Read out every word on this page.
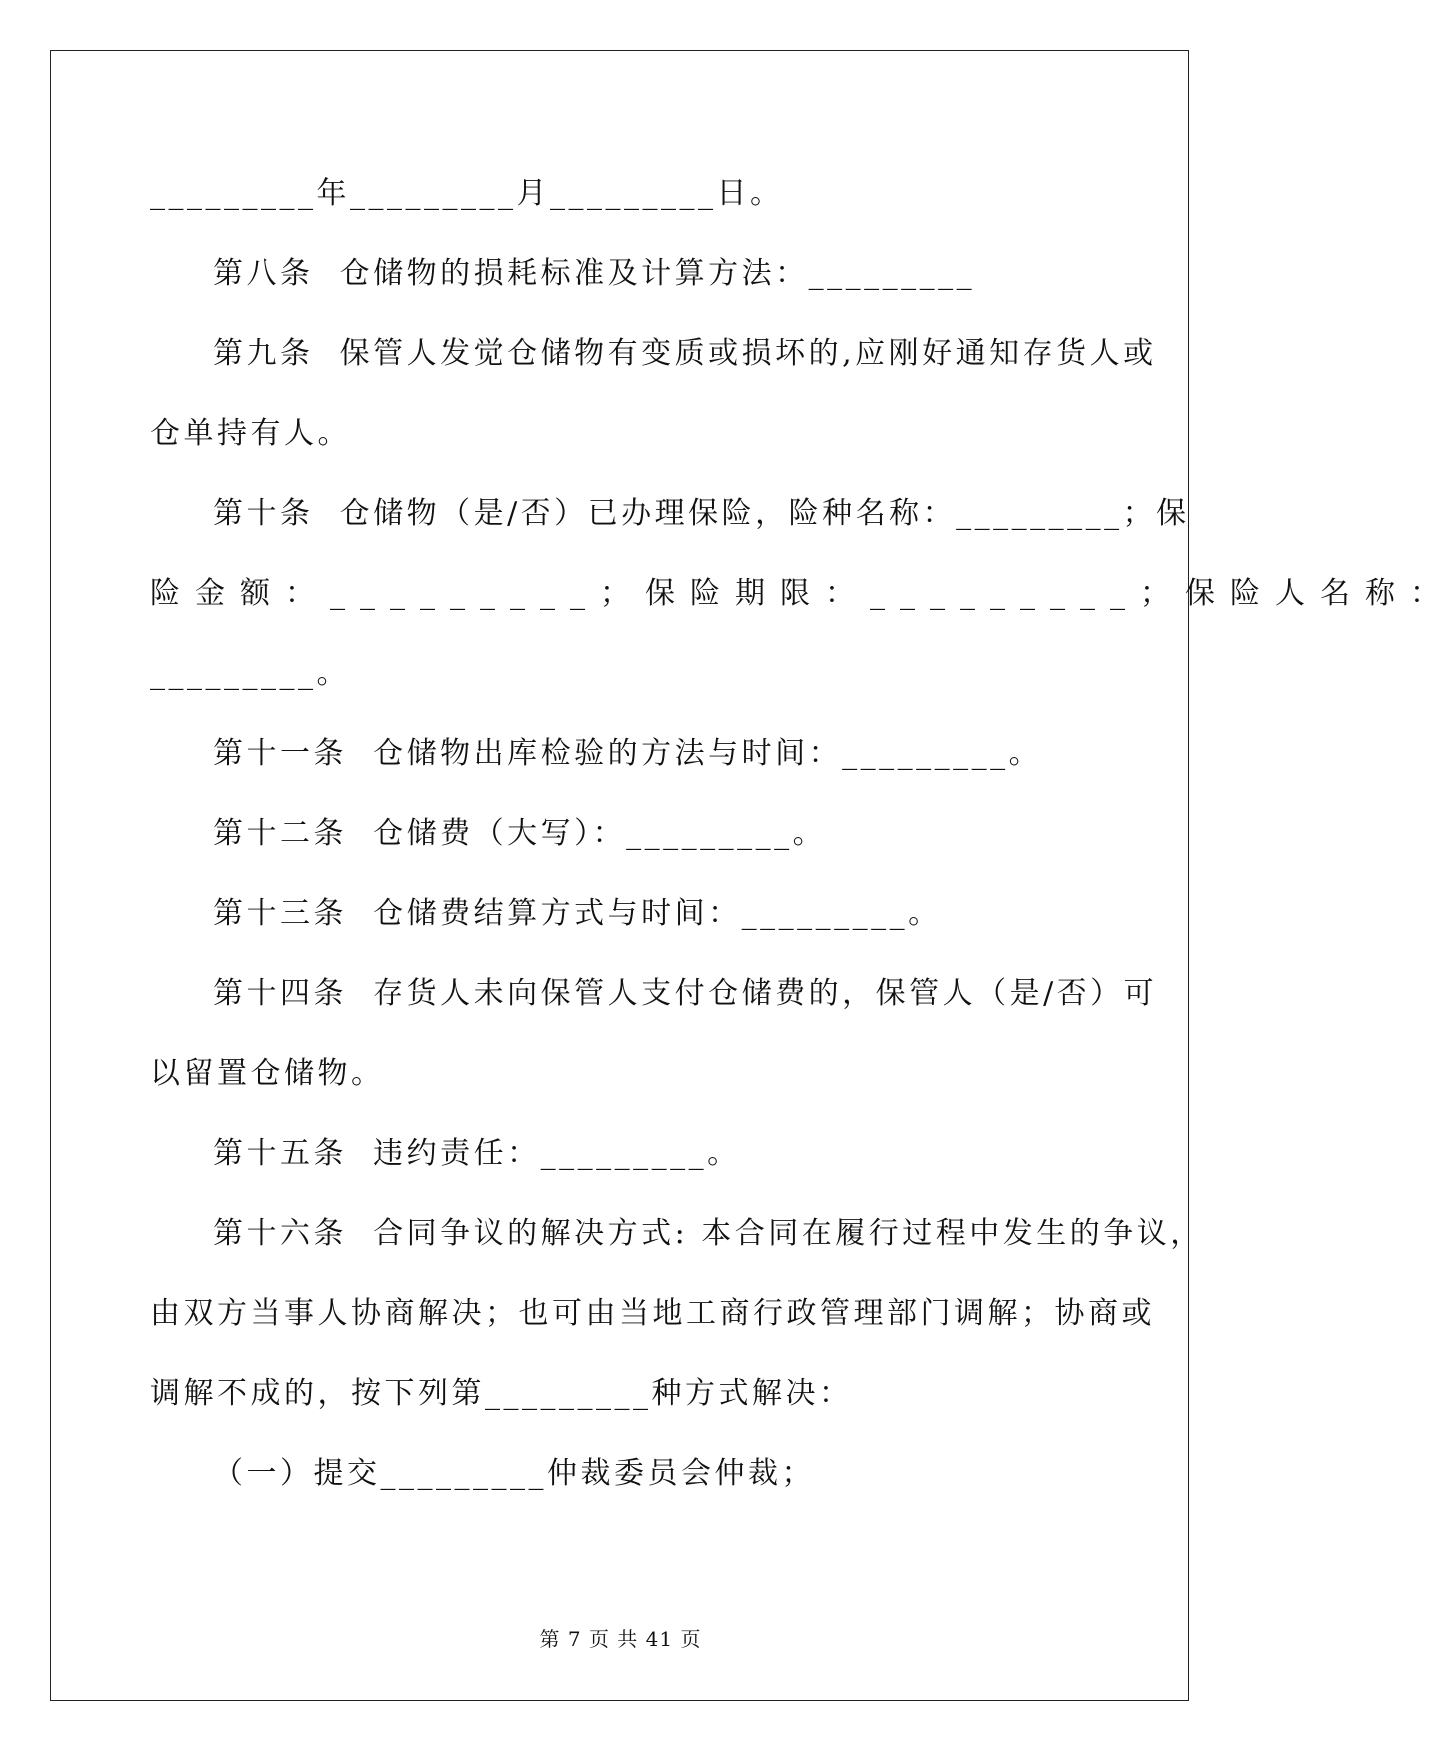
_________年_________月_________日。
第八条  仓储物的损耗标准及计算方法：_________
第九条  保管人发觉仓储物有变质或损坏的,应刚好通知存货人或
仓单持有人。
第十条  仓储物（是/否）已办理保险，险种名称：_________；保
险金额：_________；保险期限：_________；保险人名称：
_________。
第十一条  仓储物出库检验的方法与时间：_________。
第十二条  仓储费（大写）：_________。
第十三条  仓储费结算方式与时间：_________。
第十四条  存货人未向保管人支付仓储费的，保管人（是/否）可
以留置仓储物。
第十五条  违约责任：_________。
第十六条  合同争议的解决方式: 本合同在履行过程中发生的争议，
由双方当事人协商解决；也可由当地工商行政管理部门调解；协商或
调解不成的，按下列第_________种方式解决：
（一）提交_________仲裁委员会仲裁；
第 7 页 共 41 页
